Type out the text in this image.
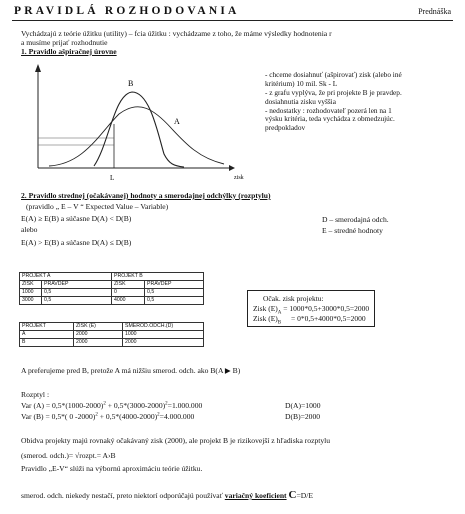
PRAVIDLÁ ROZHODOVANIA	Prednáška
Vychádzajú z teórie úžitku (utility) – fcia úžitku : vychádzame z toho, že máme výsledky hodnotenia r
a musíme prijať rozhodnutie
1. Pravidlo ašpiračnej úrovne
B
A
L	zisk
- chceme dosiahnuť (ašpirovať) zisk (alebo iné
kritérium) 10 mil. Sk - L
- z grafu vyplýva, že pri projekte B je pravdep.
dosiahnutia zisku vyššia
- nedostatky : rozhodovateľ pozerá len na 1
výsku kritéria, teda vychádza z obmedzujúc.
predpokladov
2. Pravidlo strednej (očakávanej) hodnoty a smerodajnej odchýlky (rozptylu)
(pravidlo „ E – V “ Expected Value – Variable)
E(A) ≥ E(B) a súčasne D(A) < D(B)
alebo
E(A) > E(B) a súčasne D(A) ≤ D(B)
D – smerodajná odch.
E – stredné hodnoty
PROJEKT A		PROJEKT B	
ZISK	PRAVDEP	ZISK	PRAVDEP
1000	0,5	0	0,5
3000	0,5	4000	0,5
PROJEKT	ZISK (E)	SMEROD.ODCH.(D)
A	2000	1000
B	2000	2000
Očak. zisk projektu:
Zisk $(E)_A = 1000*0,5+3000*0,5=2000$
Zisk $(E)_B = 0*0,5+4000*0,5=2000$
A preferujeme pred B, pretože A má nižšiu smerod. odch. ako B(A ▶ B)
Rozptyl :
Var (A) = 0,5*(1000-2000)$^2$ + 0,5*(3000-2000)$^2$=1.000.000	D(A)=1000
Var (B) = 0,5*( 0 -2000)$^2$ + 0,5*(4000-2000)$^2$=4.000.000	D(B)=2000
Obidva projekty majú rovnaký očakávaný zisk (2000), ale projekt B je rizikovejší z hľadiska rozptylu
(smerod. odch.)= √rozpt.= A›B
Pravidlo „E-V“ slúži na výbornú aproximáciu teórie úžitku.
smerod. odch. niekedy nestačí, preto niektorí odporúčajú používať variačný koeficient C=D/E
